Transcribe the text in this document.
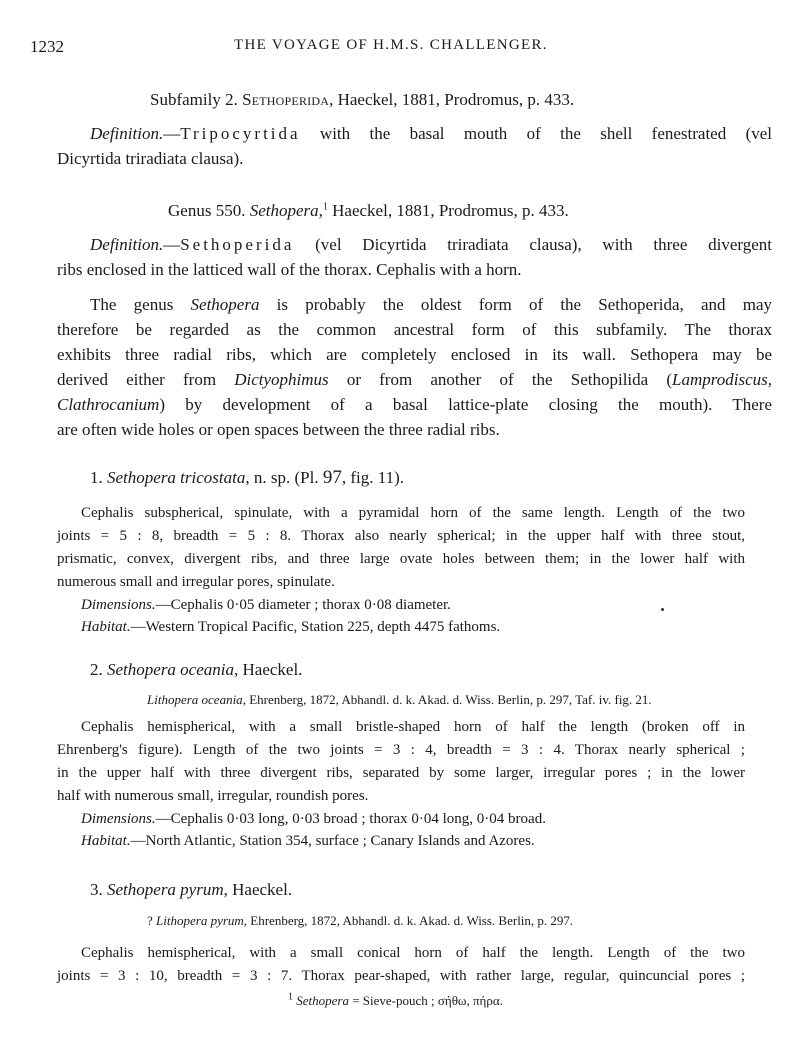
1232	THE VOYAGE OF H.M.S. CHALLENGER.
Subfamily 2. Sethoperida, Haeckel, 1881, Prodromus, p. 433.
Definition.—Tripocyrtida with the basal mouth of the shell fenestrated (vel
Dicyrtida triradiata clausa).
Genus 550. Sethopera,$^1$ Haeckel, 1881, Prodromus, p. 433.
Definition.—Sethoperida (vel Dicyrtida triradiata clausa), with three divergent
ribs enclosed in the latticed wall of the thorax. Cephalis with a horn.
The genus Sethopera is probably the oldest form of the Sethoperida, and may
therefore be regarded as the common ancestral form of this subfamily. The thorax
exhibits three radial ribs, which are completely enclosed in its wall. Sethopera may be
derived either from Dictyophimus or from another of the Sethopilida (Lamprodiscus,
Clathrocanium) by development of a basal lattice-plate closing the mouth). There
are often wide holes or open spaces between the three radial ribs.
1. Sethopera tricostata, n. sp. (Pl. 97, fig. 11).
Cephalis subspherical, spinulate, with a pyramidal horn of the same length. Length of the two
joints = 5 : 8, breadth = 5 : 8. Thorax also nearly spherical; in the upper half with three stout,
prismatic, convex, divergent ribs, and three large ovate holes between them; in the lower half with
numerous small and irregular pores, spinulate.
Dimensions.—Cephalis 0·05 diameter ; thorax 0·08 diameter.
Habitat.—Western Tropical Pacific, Station 225, depth 4475 fathoms.
2. Sethopera oceania, Haeckel.
Lithopera oceania, Ehrenberg, 1872, Abhandl. d. k. Akad. d. Wiss. Berlin, p. 297, Taf. iv. fig. 21.
Cephalis hemispherical, with a small bristle-shaped horn of half the length (broken off in
Ehrenberg's figure). Length of the two joints = 3 : 4, breadth = 3 : 4. Thorax nearly spherical ;
in the upper half with three divergent ribs, separated by some larger, irregular pores ; in the lower
half with numerous small, irregular, roundish pores.
Dimensions.—Cephalis 0·03 long, 0·03 broad ; thorax 0·04 long, 0·04 broad.
Habitat.—North Atlantic, Station 354, surface ; Canary Islands and Azores.
3. Sethopera pyrum, Haeckel.
? Lithopera pyrum, Ehrenberg, 1872, Abhandl. d. k. Akad. d. Wiss. Berlin, p. 297.
Cephalis hemispherical, with a small conical horn of half the length. Length of the two
joints = 3 : 10, breadth = 3 : 7. Thorax pear-shaped, with rather large, regular, quincuncial pores ;
$^1$ Sethopera = Sieve-pouch ; σήθω, πήρα.
